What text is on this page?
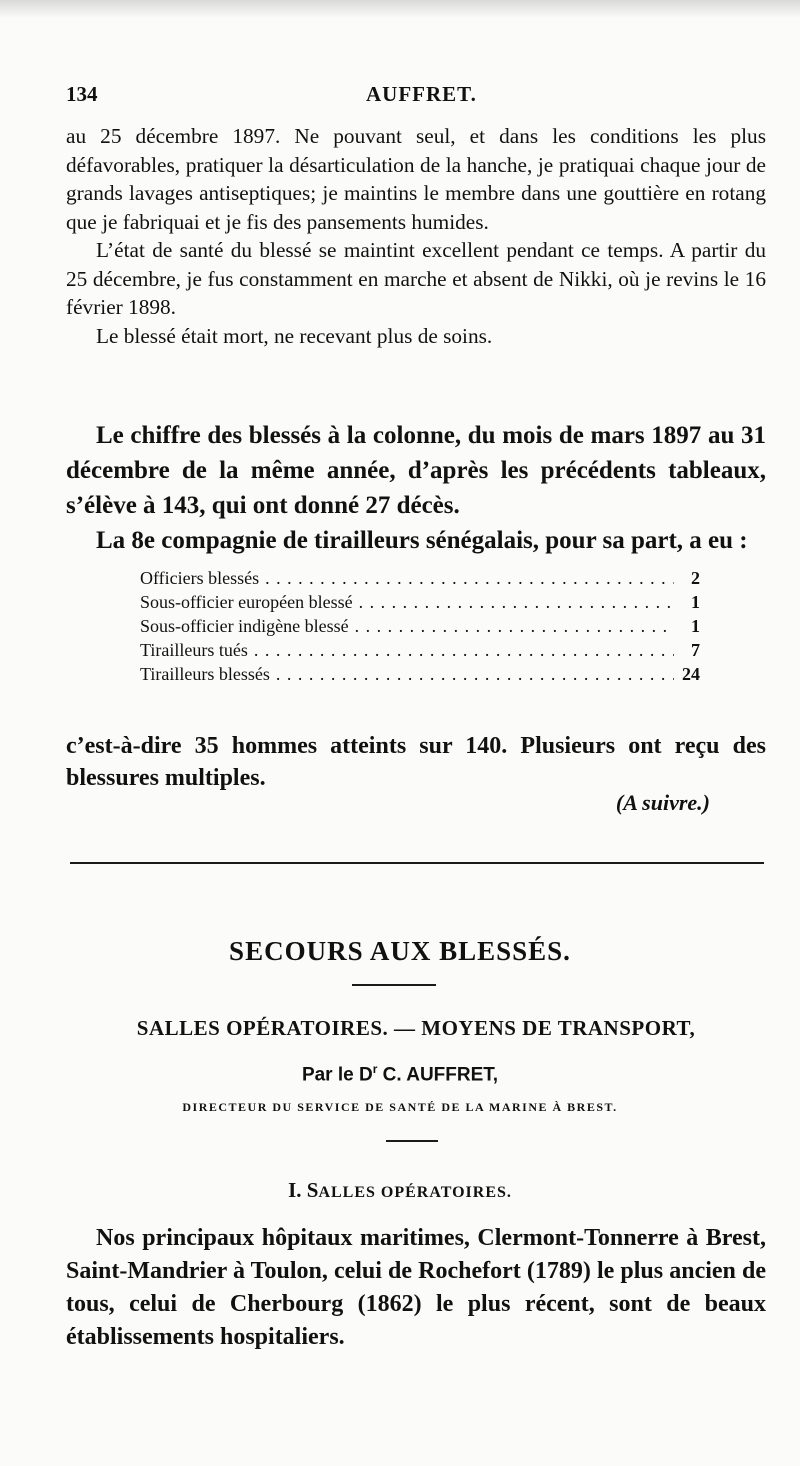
134	AUFFRET.

au 25 décembre 1897. Ne pouvant seul, et dans les conditions les plus défavorables, pratiquer la désarticulation de la hanche, je pratiquai chaque jour de grands lavages antiseptiques; je maintins le membre dans une gouttière en rotang que je fabriquai et je fis des pansements humides.

L’état de santé du blessé se maintint excellent pendant ce temps. A partir du 25 décembre, je fus constamment en marche et absent de Nikki, où je revins le 16 février 1898.

Le blessé était mort, ne recevant plus de soins.

Le chiffre des blessés à la colonne, du mois de mars 1897 au 31 décembre de la même année, d’après les précédents tableaux, s’élève à 143, qui ont donné 27 décès.

La 8e compagnie de tirailleurs sénégalais, pour sa part, a eu :

Officiers blessés . . .	2
Sous-officier européen blessé . . .	1
Sous-officier indigène blessé . . .	1
Tirailleurs tués . . .	7
Tirailleurs blessés . . .	24

c’est-à-dire 35 hommes atteints sur 140. Plusieurs ont reçu des blessures multiples.

(A suivre.)
SECOURS AUX BLESSÉS.
SALLES OPÉRATOIRES. — MOYENS DE TRANSPORT,
Par le $D^r$ C. AUFFRET,
DIRECTEUR DU SERVICE DE SANTÉ DE LA MARINE À BREST.
I. SALLES OPÉRATOIRES.

Nos principaux hôpitaux maritimes, Clermont-Tonnerre à Brest, Saint-Mandrier à Toulon, celui de Rochefort (1789) le plus ancien de tous, celui de Cherbourg (1862) le plus récent, sont de beaux établissements hospitaliers.
